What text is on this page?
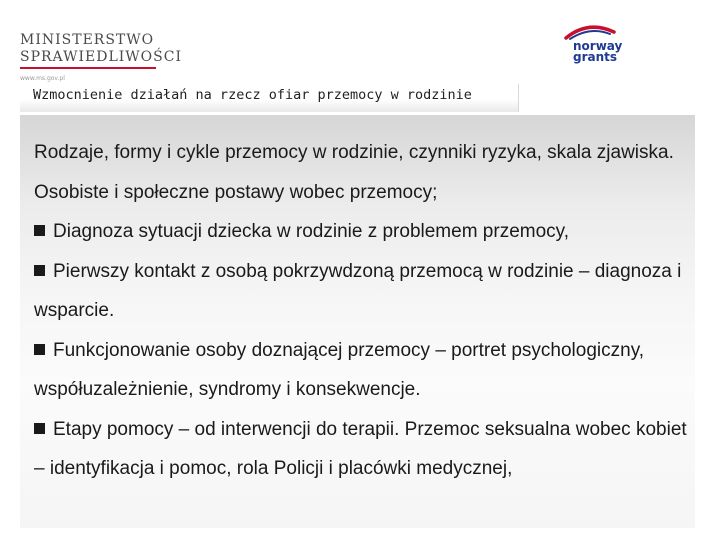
MINISTERSTWO
SPRAWIEDLIWOŚCI
www.ms.gov.pl
norway
grants
Wzmocnienie działań na rzecz ofiar przemocy w rodzinie

Rodzaje, formy i cykle przemocy w rodzinie, czynniki ryzyka, skala zjawiska. Osobiste i społeczne postawy wobec przemocy;

Diagnoza sytuacji dziecka w rodzinie z problemem przemocy,

Pierwszy kontakt z osobą pokrzywdzoną przemocą w rodzinie – diagnoza i wsparcie.

Funkcjonowanie osoby doznającej przemocy – portret psychologiczny, współuzależnienie, syndromy i konsekwencje.

Etapy pomocy – od interwencji do terapii. Przemoc seksualna wobec kobiet – identyfikacja i pomoc, rola Policji i placówki medycznej,
